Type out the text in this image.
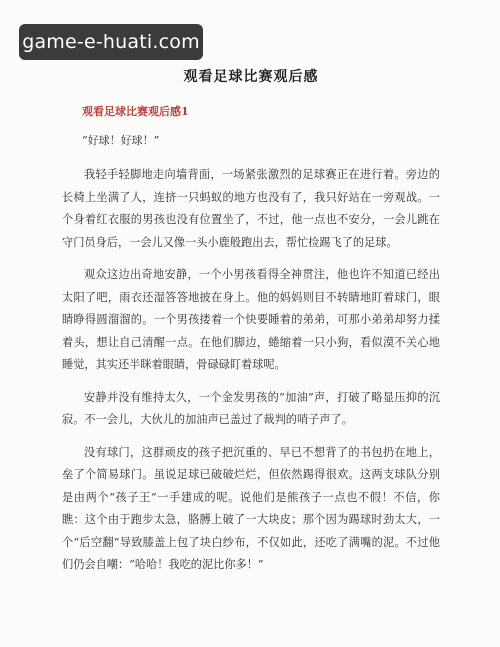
game-e-huati.com
观看足球比赛观后感
观看足球比赛观后感1
“好球！好球！”

我轻手轻脚地走向墙背面，一场紧张激烈的足球赛正在进行着。旁边的长椅上坐满了人，连挤一只蚂蚁的地方也没有了，我只好站在一旁观战。一个身着红衣服的男孩也没有位置坐了，不过，他一点也不安分，一会儿跳在守门员身后，一会儿又像一头小鹿般跑出去，帮忙捡踢飞了的足球。

观众这边出奇地安静，一个小男孩看得全神贯注，他也许不知道已经出太阳了吧，雨衣还湿答答地披在身上。他的妈妈则目不转睛地盯着球门，眼睛睁得圆溜溜的。一个男孩搂着一个快要睡着的弟弟，可那小弟弟却努力揉着头，想让自己清醒一点。在他们脚边，蜷缩着一只小狗，看似漠不关心地睡觉，其实还半眯着眼睛，骨碌碌盯着球呢。

安静并没有维持太久，一个金发男孩的“加油”声，打破了略显压抑的沉寂。不一会儿，大伙儿的加油声已盖过了裁判的哨子声了。

没有球门，这群顽皮的孩子把沉重的、早已不想背了的书包扔在地上，垒了个简易球门。虽说足球已破破烂烂，但依然踢得很欢。这两支球队分别是由两个“孩子王”一手建成的呢。说他们是熊孩子一点也不假！不信，你瞧：这个由于跑步太急，胳膊上破了一大块皮；那个因为踢球时劲太大，一个“后空翻”导致膝盖上包了块白纱布，不仅如此，还吃了满嘴的泥。不过他们仍会自嘲：“哈哈！我吃的泥比你多！”
